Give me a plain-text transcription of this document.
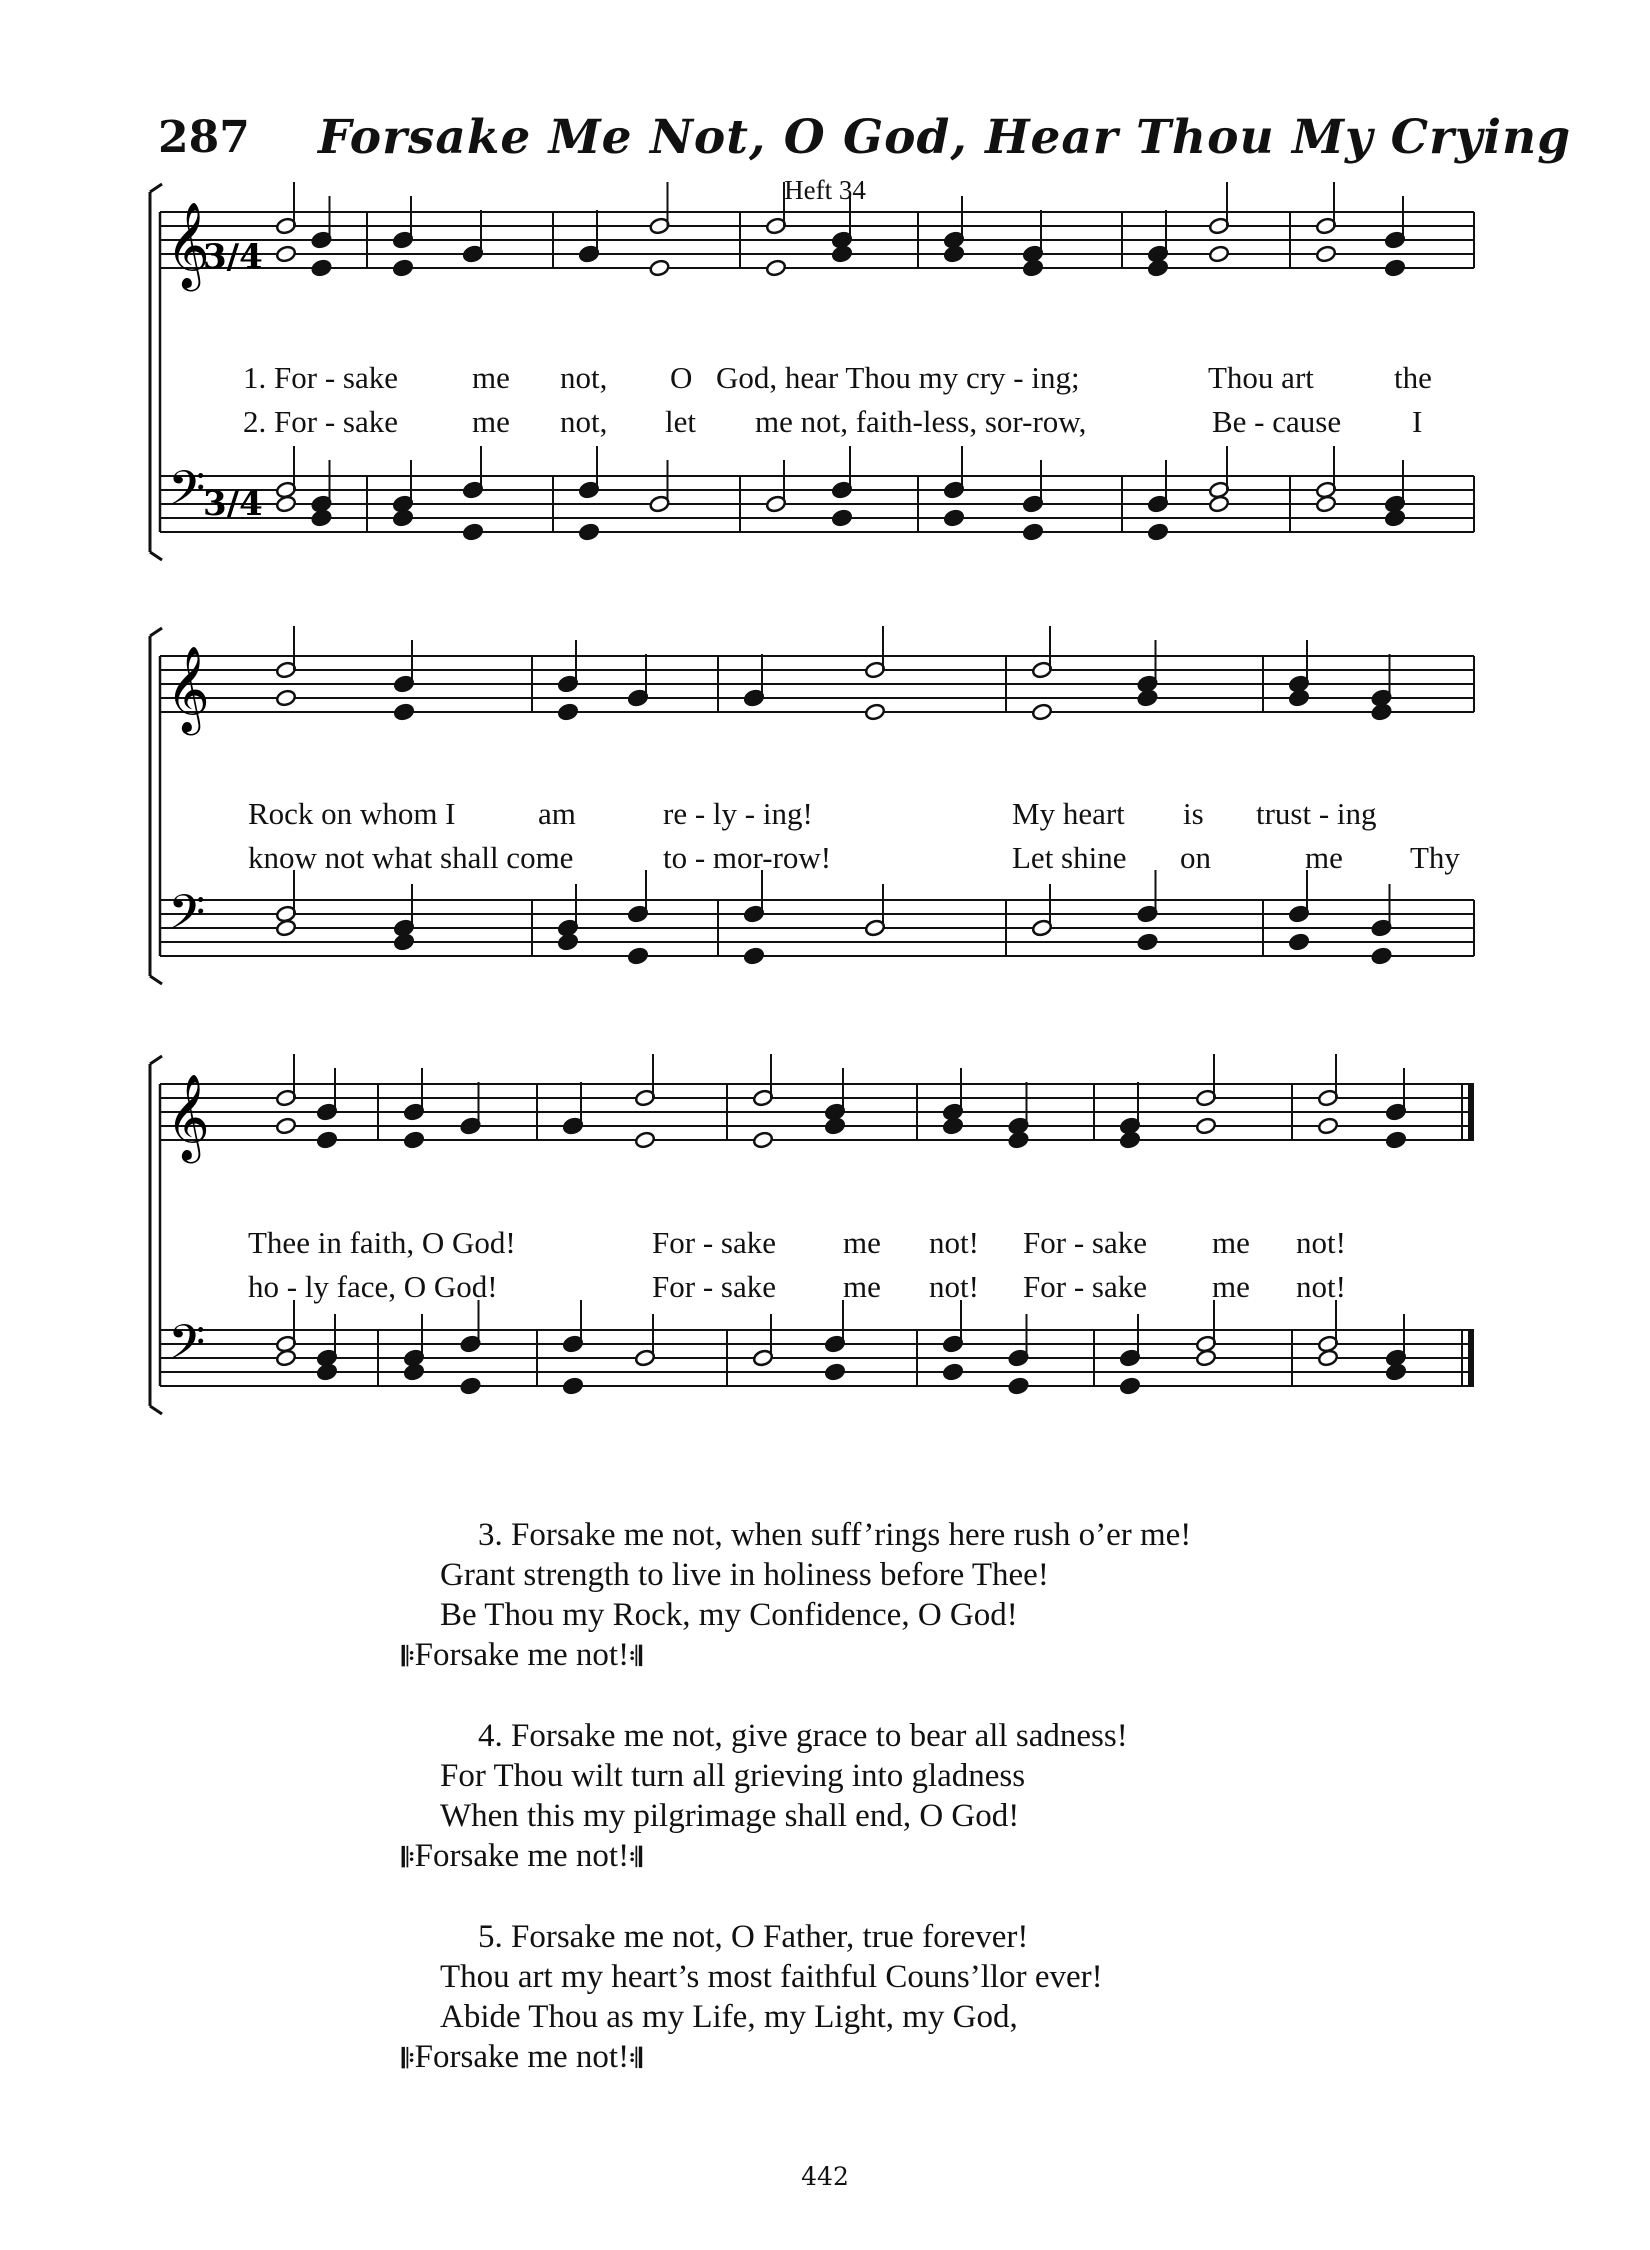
287 Forsake Me Not, O God, Hear Thou My Crying
Heft 34
𝄞
𝄢
𝄞
𝄢
𝄞
𝄢
3/4
3/4
1. For - sake me not, O God, hear Thou my cry - ing;	Thou art	the
2. For - sake me not, let me not, faith-less, sor-row,	Be - cause I
Rock on whom I	am	re - ly - ing!	My heart is trust - ing
know not what shall come	to - mor-row!	Let shine on	me Thy
Thee in faith, O God!	For - sake me not! For - sake me not!
ho - ly face, O God!	For - sake me not! For - sake me not!
3. Forsake me not, when suff’rings here rush o’er me!
Grant strength to live in holiness before Thee!
Be Thou my Rock, my Confidence, O God!
𝄆Forsake me not!𝄇
4. Forsake me not, give grace to bear all sadness!
For Thou wilt turn all grieving into gladness
When this my pilgrimage shall end, O God!
𝄆Forsake me not!𝄇
5. Forsake me not, O Father, true forever!
Thou art my heart’s most faithful Couns’llor ever!
Abide Thou as my Life, my Light, my God,
𝄆Forsake me not!𝄇
442
